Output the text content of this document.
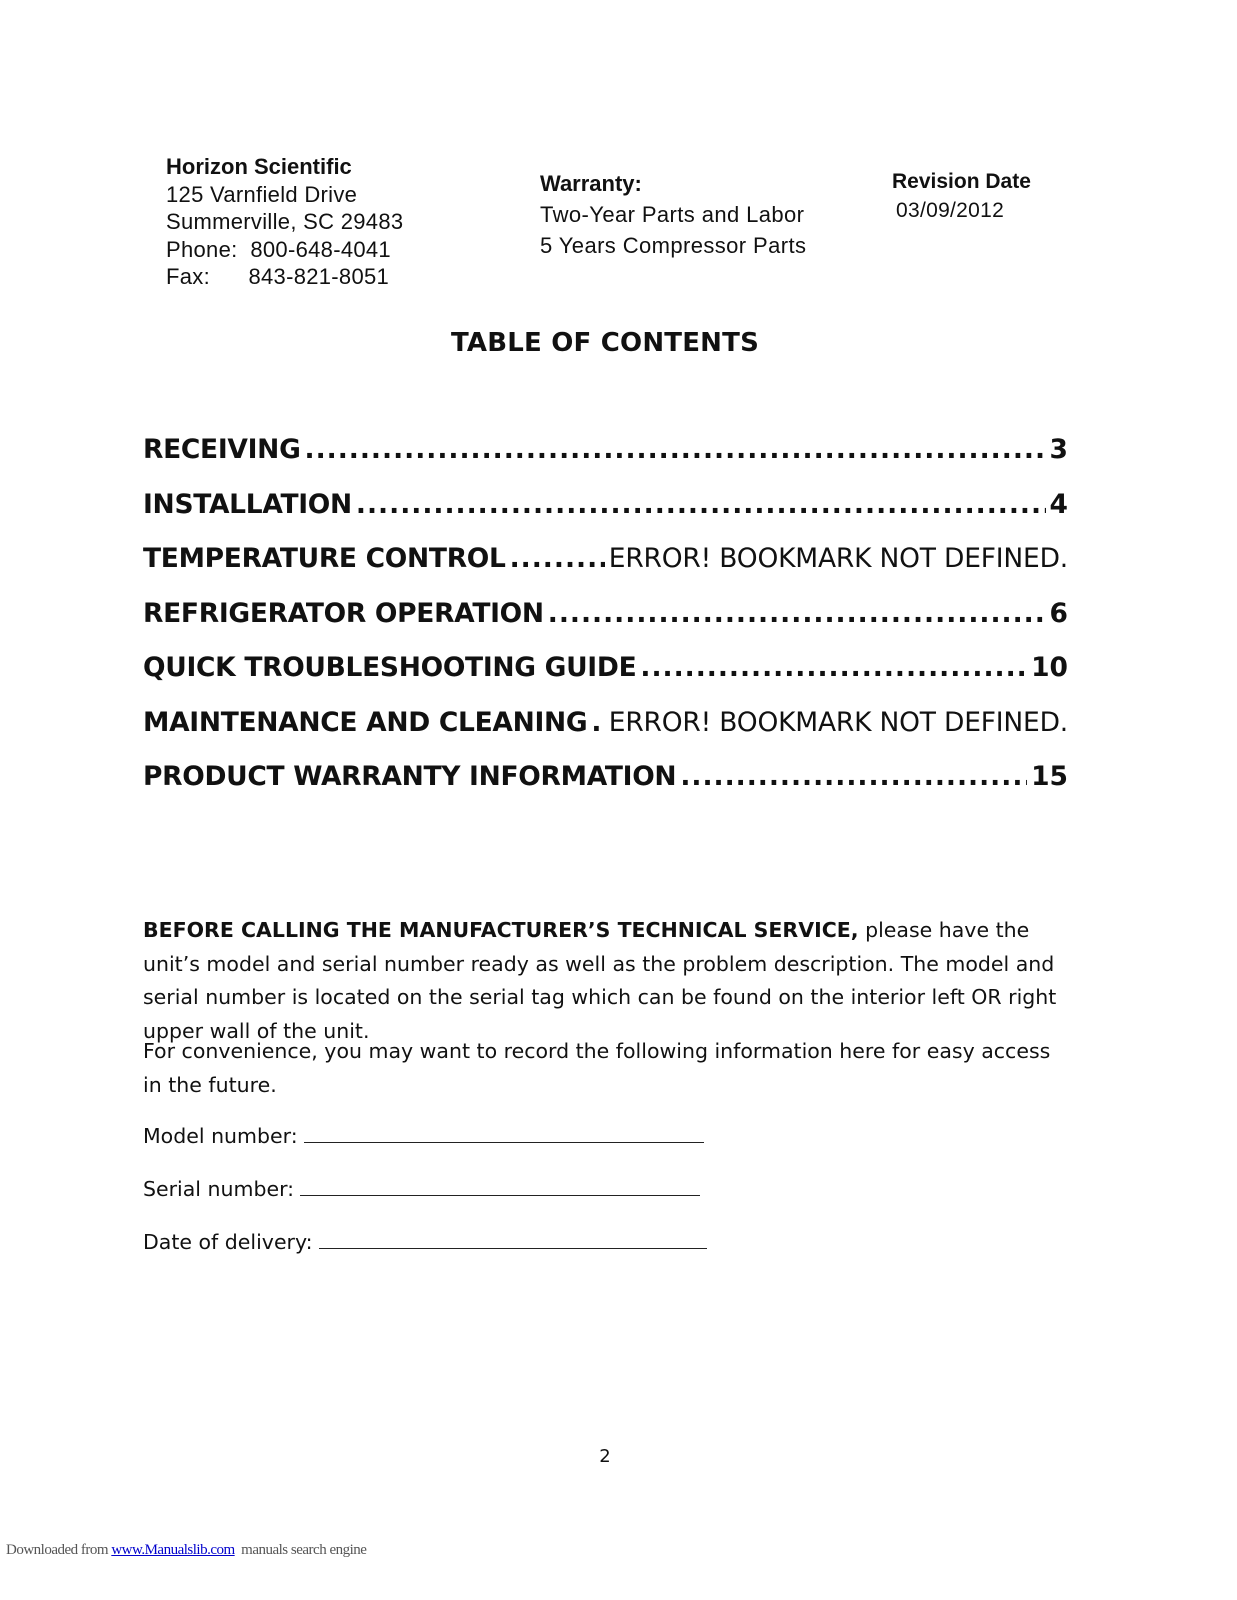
Horizon Scientific
125 Varnfield Drive
Summerville, SC 29483
Phone:  800-648-4041
Fax:      843-821-8051
Warranty:
Two-Year Parts and Labor
5 Years Compressor Parts
Revision Date
03/09/2012
TABLE OF CONTENTS
RECEIVING .....	3
INSTALLATION .....	4
TEMPERATURE CONTROL .....	ERROR! BOOKMARK NOT DEFINED.
REFRIGERATOR OPERATION .....	6
QUICK TROUBLESHOOTING GUIDE .....	10
MAINTENANCE AND CLEANING ..... ERROR! BOOKMARK NOT DEFINED.
PRODUCT WARRANTY INFORMATION .....	15
BEFORE CALLING THE MANUFACTURER’S TECHNICAL SERVICE, please have the unit’s model and serial number ready as well as the problem description. The model and serial number is located on the serial tag which can be found on the interior left OR right upper wall of the unit.
For convenience, you may want to record the following information here for easy access in the future.
Model number:
Serial number:
Date of delivery:
2
Downloaded from www.Manualslib.com  manuals search engine
